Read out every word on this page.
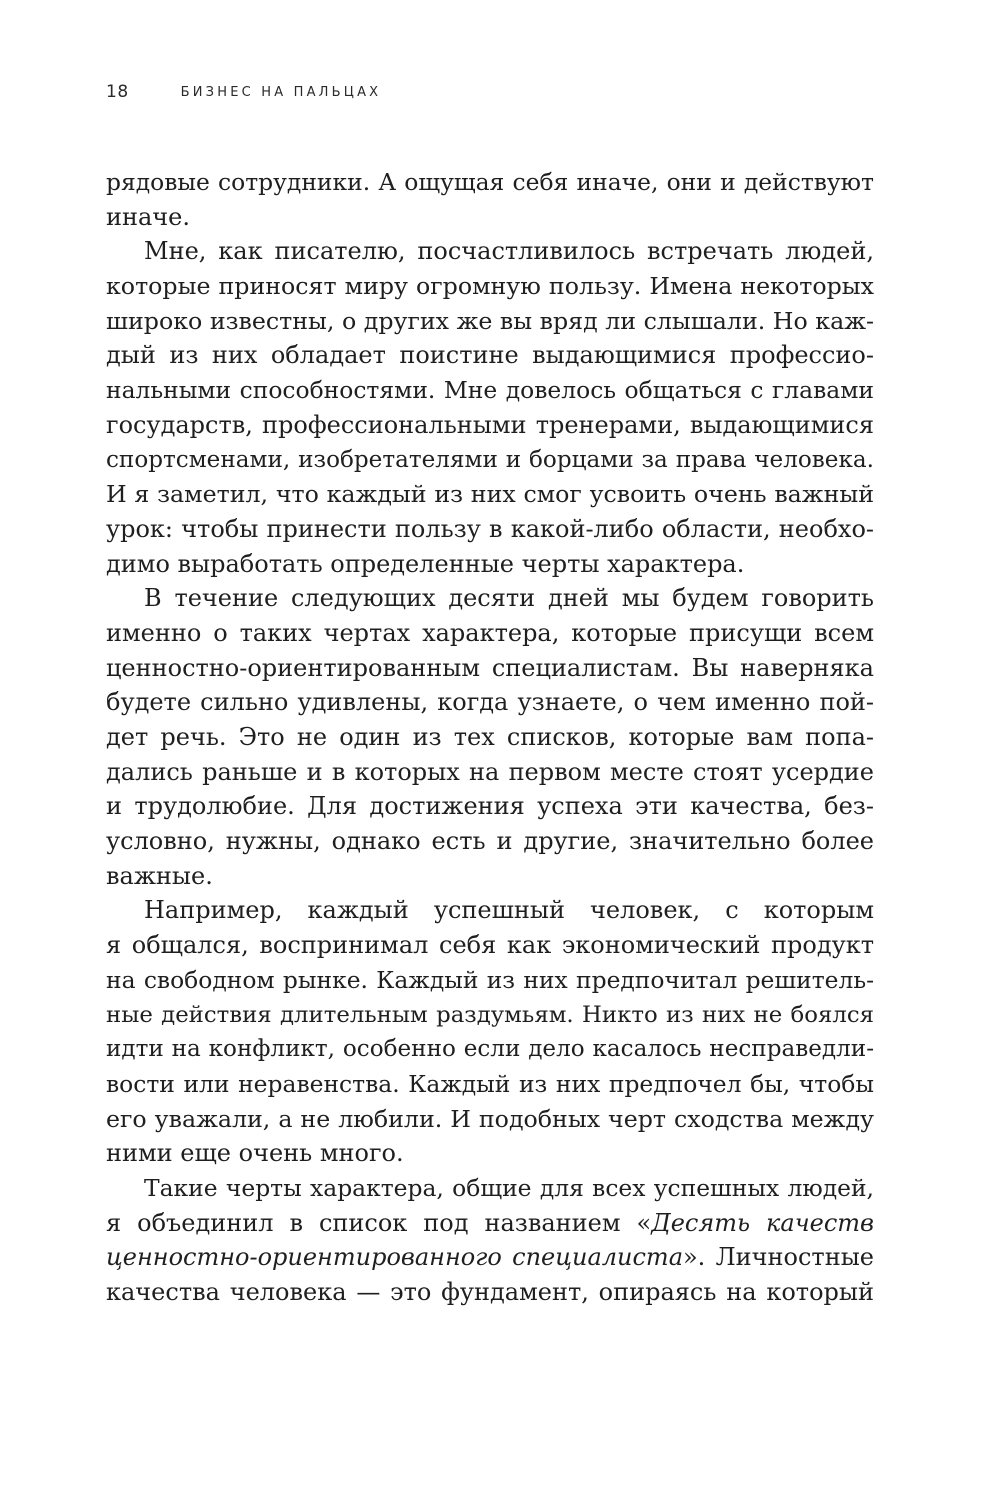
18	БИЗНЕС НА ПАЛЬЦАХ
рядовые сотрудники. А ощущая себя иначе, они и действуют
иначе.
Мне, как писателю, посчастливилось встречать людей,
которые приносят миру огромную пользу. Имена некоторых
широко известны, о других же вы вряд ли слышали. Но каж-
дый из них обладает поистине выдающимися профессио-
нальными способностями. Мне довелось общаться с главами
государств, профессиональными тренерами, выдающимися
спортсменами, изобретателями и борцами за права человека.
И я заметил, что каждый из них смог усвоить очень важный
урок: чтобы принести пользу в какой-либо области, необхо-
димо выработать определенные черты характера.
В течение следующих десяти дней мы будем говорить
именно о таких чертах характера, которые присущи всем
ценностно-ориентированным специалистам. Вы наверняка
будете сильно удивлены, когда узнаете, о чем именно пой-
дет речь. Это не один из тех списков, которые вам попа-
дались раньше и в которых на первом месте стоят усердие
и трудолюбие. Для достижения успеха эти качества, без-
условно, нужны, однако есть и другие, значительно более
важные.
Например, каждый успешный человек, с которым
я общался, воспринимал себя как экономический продукт
на свободном рынке. Каждый из них предпочитал решитель-
ные действия длительным раздумьям. Никто из них не боялся
идти на конфликт, особенно если дело касалось несправедли-
вости или неравенства. Каждый из них предпочел бы, чтобы
его уважали, а не любили. И подобных черт сходства между
ними еще очень много.
Такие черты характера, общие для всех успешных людей,
я объединил в список под названием «Десять качеств
ценностно-ориентированного специалиста». Личностные
качества человека — это фундамент, опираясь на который
